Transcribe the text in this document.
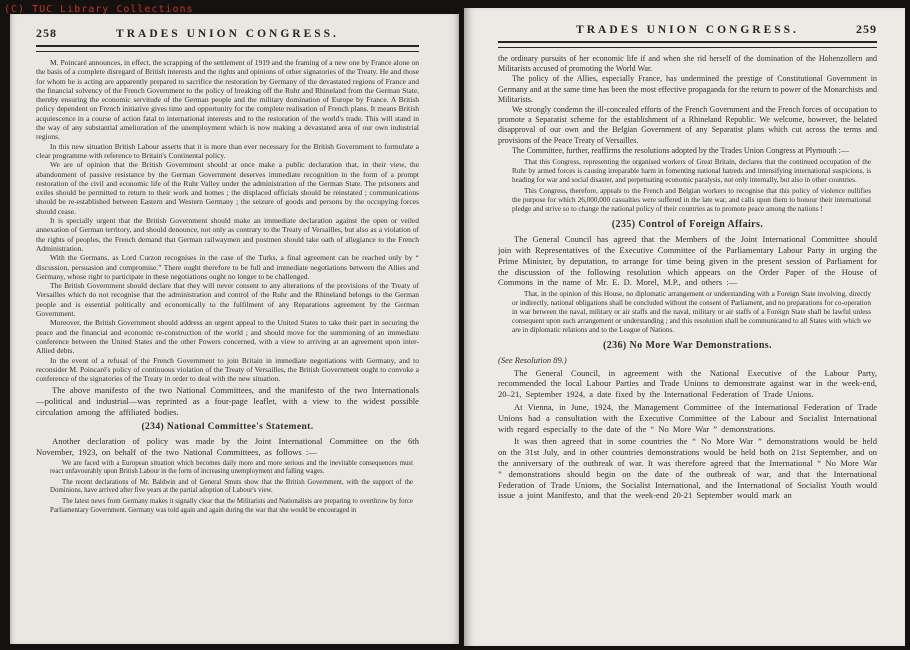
(C) TUC Library Collections
258	TRADES UNION CONGRESS.
M. Poincaré announces, in effect, the scrapping of the settlement of 1919 and the framing of a new one by France alone on the basis of a complete disregard of British interests and the rights and opinions of other signatories of the Treaty. He and those for whom he is acting are apparently prepared to sacrifice the restoration by Germany of the devastated regions of France and the financial solvency of the French Government to the policy of breaking off the Ruhr and Rhineland from the German State, thereby ensuring the economic servitude of the German people and the military domination of Europe by France. A British policy dependent on French initiative gives time and opportunity for the complete realisation of French plans. It means British acquiescence in a course of action fatal to international interests and to the restoration of the world's trade. This will stand in the way of any substantial amelioration of the unemployment which is now making a devastated area of our own industrial regions.
In this new situation British Labour asserts that it is more than ever necessary for the British Government to formulate a clear programme with reference to Britain's Continental policy.
We are of opinion that the British Government should at once make a public declaration that, in their view, the abandonment of passive resistance by the German Government deserves immediate recognition in the form of a prompt restoration of the civil and economic life of the Ruhr Valley under the administration of the German State. The prisoners and exiles should be permitted to return to their work and homes ; the displaced officials should be reinstated ; communications should be re-established between Eastern and Western Germany ; the seizure of goods and persons by the occupying forces should cease.
It is specially urgent that the British Government should make an immediate declaration against the open or veiled annexation of German territory, and should denounce, not only as contrary to the Treaty of Versailles, but also as a violation of the rights of peoples, the French demand that German railwaymen and postmen should take oath of allegiance to the French Administration.
With the Germans, as Lord Curzon recognises in the case of the Turks, a final agreement can be reached only by “ discussion, persuasion and compromise.” There ought therefore to be full and immediate negotiations between the Allies and Germany, whose right to participate in these negotiations ought no longer to be challenged.
The British Government should declare that they will never consent to any alterations of the provisions of the Treaty of Versailles which do not recognise that the administration and control of the Ruhr and the Rhineland belongs to the German people and is essential politically and economically to the fulfilment of any Reparations agreement by the German Government.
Moreover, the British Government should address an urgent appeal to the United States to take their part in securing the peace and the financial and economic re-construction of the world ; and should move for the summoning of an immediate conference between the United States and the other Powers concerned, with a view to arriving at an agreement upon inter-Allied debts.
In the event of a refusal of the French Government to join Britain in immediate negotiations with Germany, and to reconsider M. Poincaré's policy of continuous violation of the Treaty of Versailles, the British Government ought to convoke a conference of the signatories of the Treaty in order to deal with the new situation.
The above manifesto of the two National Committees, and the manifesto of the two Internationals—political and industrial—was reprinted as a four-page leaflet, with a view to the widest possible circulation among the affiliated bodies.
(234) National Committee's Statement.
Another declaration of policy was made by the Joint International Committee on the 6th November, 1923, on behalf of the two National Committees, as follows :—
We are faced with a European situation which becomes daily more and more serious and the inevitable consequences must react unfavourably upon British Labour in the form of increasing unemployment and falling wages.
The recent declarations of Mr. Baldwin and of General Smuts show that the British Government, with the support of the Dominions, have arrived after five years at the partial adoption of Labour's view.
The latest news from Germany makes it signally clear that the Militarists and Nationalists are preparing to overthrow by force Parliamentary Government. Germany was told again and again during the war that she would be encouraged in
TRADES UNION CONGRESS.	259
the ordinary pursuits of her economic life if and when she rid herself of the domination of the Hohenzollern and Militarists accused of promoting the World War.
The policy of the Allies, especially France, has undermined the prestige of Constitutional Government in Germany and at the same time has been the most effective propaganda for the return to power of the Monarchists and Militarists.
We strongly condemn the ill-concealed efforts of the French Government and the French forces of occupation to promote a Separatist scheme for the establishment of a Rhineland Republic. We welcome, however, the belated disapproval of our own and the Belgian Government of any Separatist plans which cut across the terms and provisions of the Peace Treaty of Versailles.
The Committee, further, reaffirms the resolutions adopted by the Trades Union Congress at Plymouth :—
That this Congress, representing the organised workers of Great Britain, declares that the continued occupation of the Ruhr by armed forces is causing irreparable harm in fomenting national hatreds and intensifying international suspicions, is heading for war and social disaster, and perpetuating economic paralysis, not only internally, but also in other countries.
This Congress, therefore, appeals to the French and Belgian workers to recognise that this policy of violence nullifies the purpose for which 26,000,000 casualties were suffered in the late war, and calls upon them to honour their international pledge and strive so to change the national policy of their countries as to promote peace among the nations !
(235) Control of Foreign Affairs.
The General Council has agreed that the Members of the Joint International Committee should join with Representatives of the Executive Committee of the Parliamentary Labour Party in urging the Prime Minister, by deputation, to arrange for time being given in the present session of Parliament for the discussion of the following resolution which appears on the Order Paper of the House of Commons in the name of Mr. E. D. Morel, M.P., and others :—
That, in the opinion of this House, no diplomatic arrangement or understanding with a Foreign State involving, directly or indirectly, national obligations shall be concluded without the consent of Parliament, and no preparations for co-operation in war between the naval, military or air staffs and the naval, military or air staffs of a Foreign State shall be lawful unless consequent upon such arrangement or understanding ; and this resolution shall be communicated to all States with which we are in diplomatic relations and to the League of Nations.
(236) No More War Demonstrations.
(See Resolution 89.)
The General Council, in agreement with the National Executive of the Labour Party, recommended the local Labour Parties and Trade Unions to demonstrate against war in the week-end, 20–21, September 1924, a date fixed by the International Federation of Trade Unions.
At Vienna, in June, 1924, the Management Committee of the International Federation of Trade Unions had a consultation with the Executive Committee of the Labour and Socialist International with regard especially to the date of the “ No More War ” demonstrations.
It was then agreed that in some countries the “ No More War ” demonstrations would be held on the 31st July, and in other countries demonstrations would be held both on 21st September, and on the anniversary of the outbreak of war. It was therefore agreed that the International “ No More War ” demonstrations should begin on the date of the outbreak of war, and that the International Federation of Trade Unions, the Socialist International, and the International of Socialist Youth would issue a joint Manifesto, and that the week-end 20-21 September would mark an
